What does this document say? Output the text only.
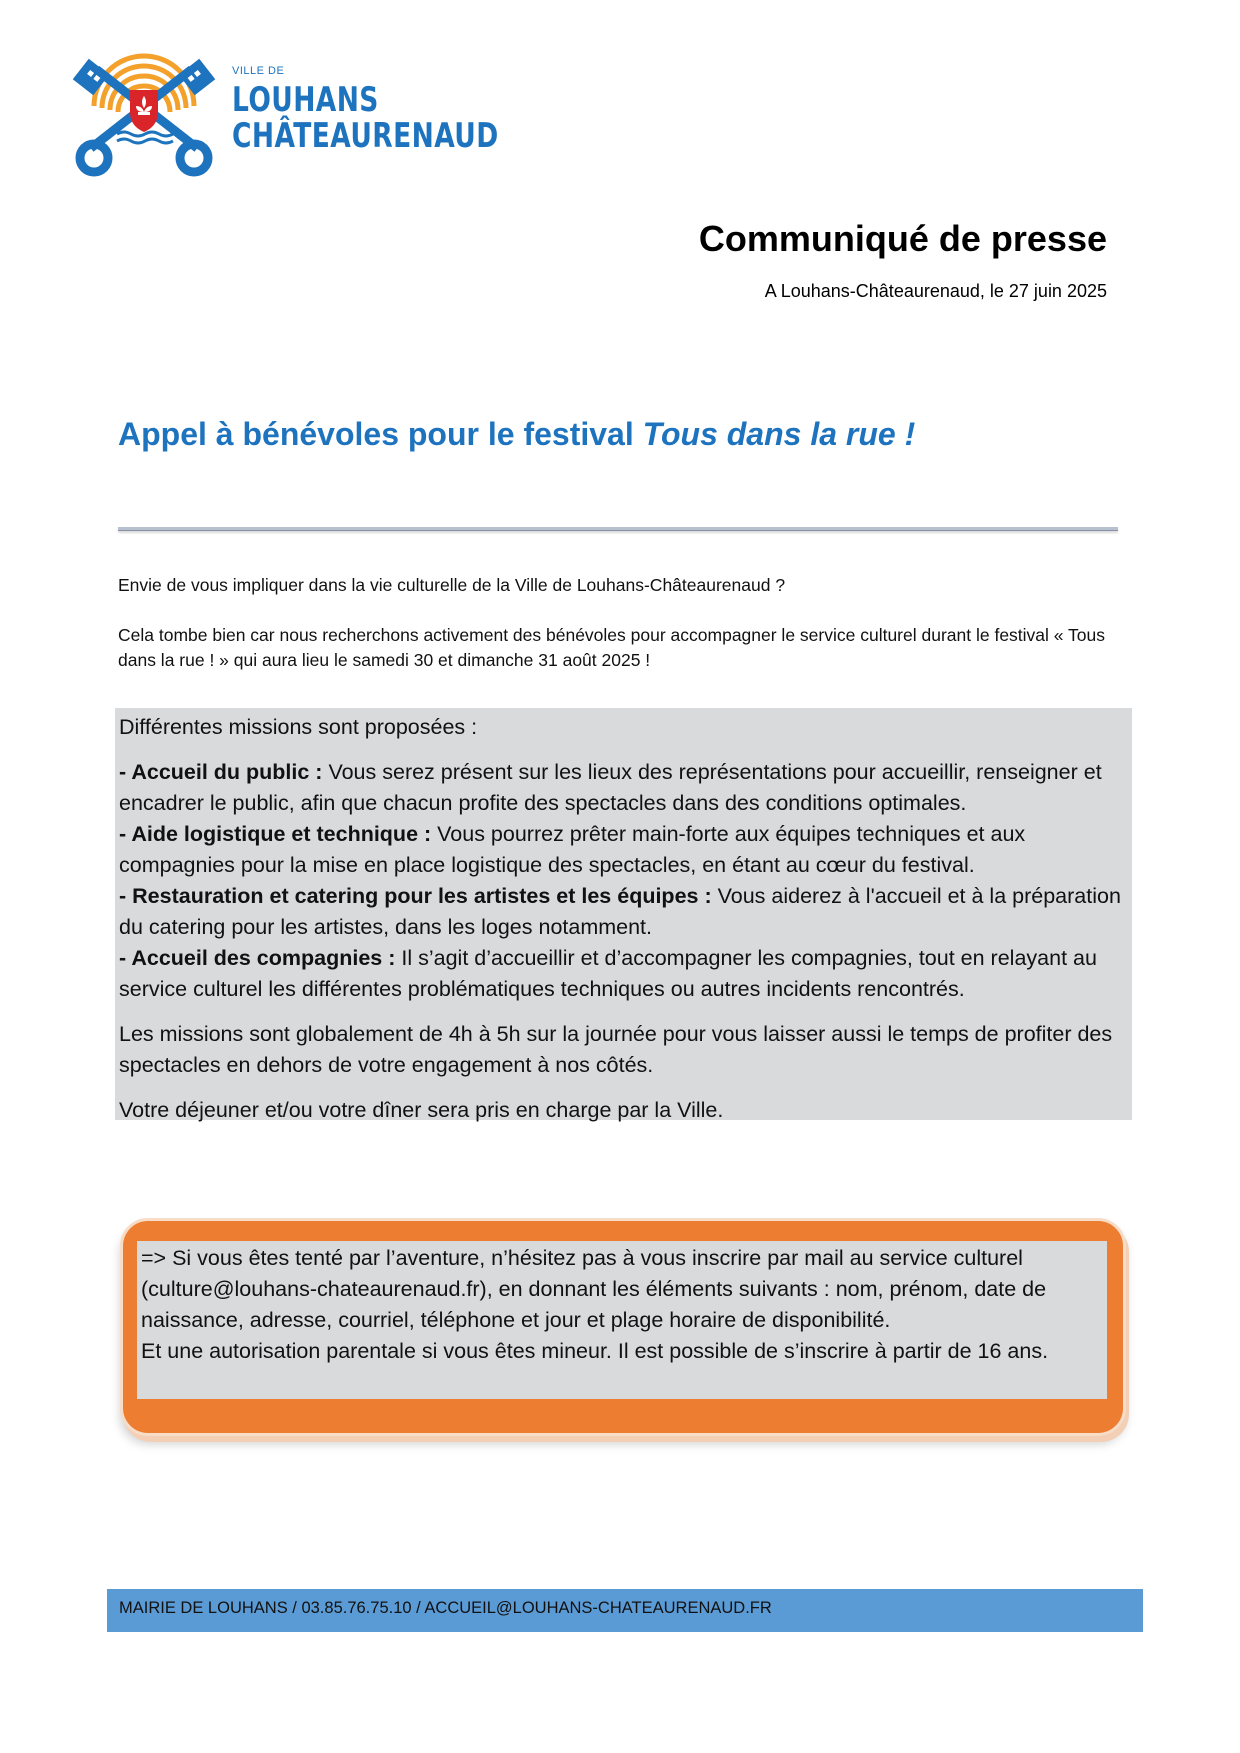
VILLE DE
LOUHANS
CHÂTEAURENAUD
Communiqué de presse
A Louhans-Châteaurenaud, le 27 juin 2025
Appel à bénévoles pour le festival Tous dans la rue !

Envie de vous impliquer dans la vie culturelle de la Ville de Louhans-Châteaurenaud ?

Cela tombe bien car nous recherchons activement des bénévoles pour accompagner le service culturel durant le festival « Tous dans la rue ! » qui aura lieu le samedi 30 et dimanche 31 août 2025 !

Différentes missions sont proposées :

- Accueil du public : Vous serez présent sur les lieux des représentations pour accueillir, renseigner et encadrer le public, afin que chacun profite des spectacles dans des conditions optimales.

- Aide logistique et technique : Vous pourrez prêter main-forte aux équipes techniques et aux compagnies pour la mise en place logistique des spectacles, en étant au cœur du festival.

- Restauration et catering pour les artistes et les équipes : Vous aiderez à l'accueil et à la préparation du catering pour les artistes, dans les loges notamment.

- Accueil des compagnies : Il s’agit d’accueillir et d’accompagner les compagnies, tout en relayant au service culturel les différentes problématiques techniques ou autres incidents rencontrés.

Les missions sont globalement de 4h à 5h sur la journée pour vous laisser aussi le temps de profiter des spectacles en dehors de votre engagement à nos côtés.

Votre déjeuner et/ou votre dîner sera pris en charge par la Ville.

=> Si vous êtes tenté par l’aventure, n’hésitez pas à vous inscrire par mail au service culturel (culture@louhans-chateaurenaud.fr), en donnant les éléments suivants : nom, prénom, date de naissance, adresse, courriel, téléphone et jour et plage horaire de disponibilité.

Et une autorisation parentale si vous êtes mineur. Il est possible de s’inscrire à partir de 16 ans.

MAIRIE DE LOUHANS / 03.85.76.75.10 / ACCUEIL@LOUHANS-CHATEAURENAUD.FR
